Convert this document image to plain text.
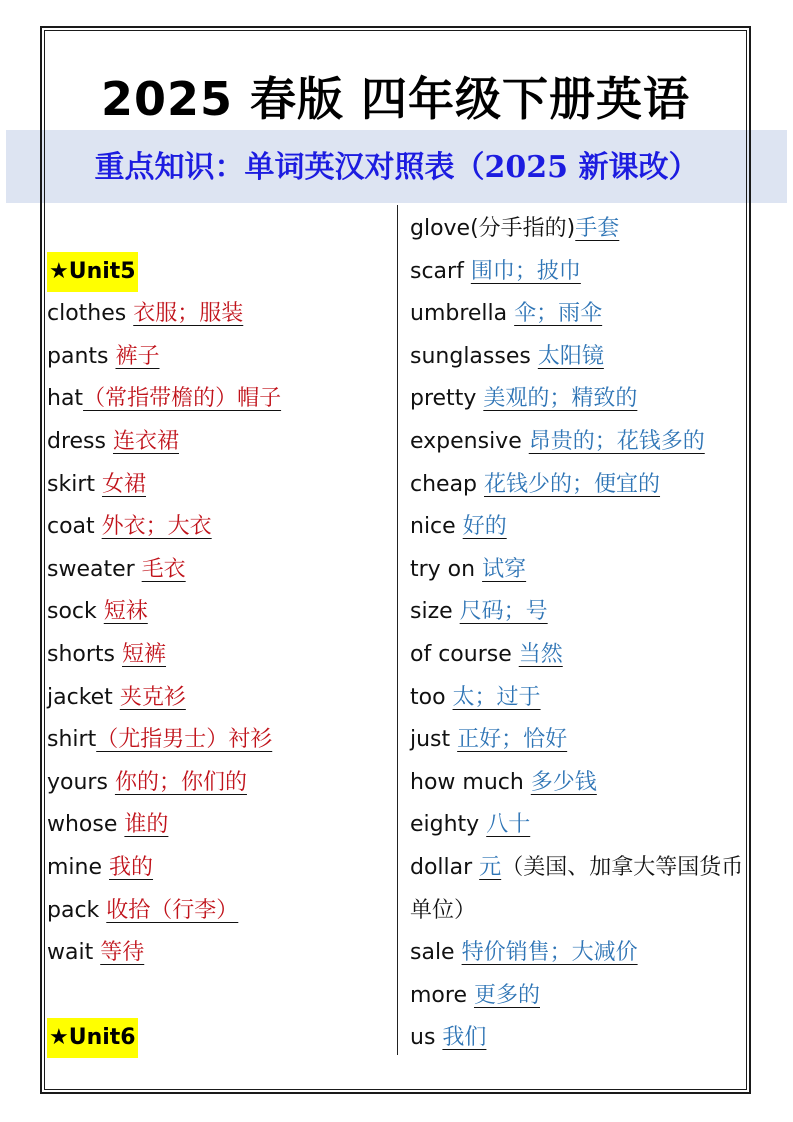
2025 春版 四年级下册英语
重点知识：单词英汉对照表（2025 新课改）
★Unit5
clothes 衣服；服装
pants 裤子
hat（常指带檐的）帽子
dress 连衣裙
skirt 女裙
coat 外衣；大衣
sweater 毛衣
sock 短袜
shorts 短裤
jacket 夹克衫
shirt（尤指男士）衬衫
yours 你的；你们的
whose 谁的
mine 我的
pack 收拾（行李）
wait 等待
★Unit6
glove(分手指的)手套
scarf 围巾；披巾
umbrella 伞；雨伞
sunglasses 太阳镜
pretty 美观的；精致的
expensive 昂贵的；花钱多的
cheap 花钱少的；便宜的
nice 好的
try on 试穿
size 尺码；号
of course 当然
too 太；过于
just 正好；恰好
how much 多少钱
eighty 八十
dollar 元（美国、加拿大等国货币单位）
sale 特价销售；大减价
more 更多的
us 我们
